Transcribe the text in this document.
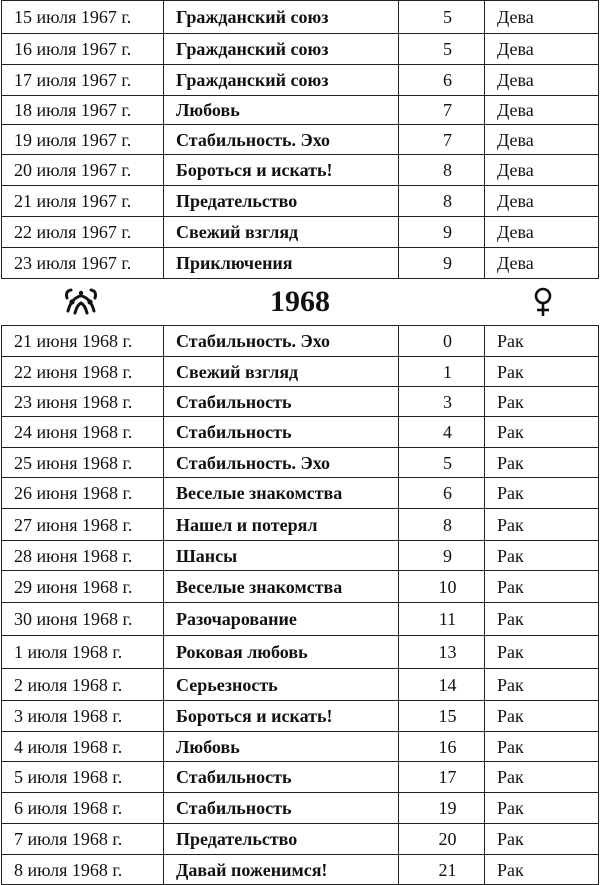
15 июля 1967 г.	Гражданский союз	5	Дева
16 июля 1967 г.	Гражданский союз	5	Дева
17 июля 1967 г.	Гражданский союз	6	Дева
18 июля 1967 г.	Любовь	7	Дева
19 июля 1967 г.	Стабильность. Эхо	7	Дева
20 июля 1967 г.	Бороться и искать!	8	Дева
21 июля 1967 г.	Предательство	8	Дева
22 июля 1967 г.	Свежий взгляд	9	Дева
23 июля 1967 г.	Приключения	9	Дева

1968			

21 июня 1968 г.	Стабильность. Эхо	0	Рак
22 июня 1968 г.	Свежий взгляд	1	Рак
23 июня 1968 г.	Стабильность	3	Рак
24 июня 1968 г.	Стабильность	4	Рак
25 июня 1968 г.	Стабильность. Эхо	5	Рак
26 июня 1968 г.	Веселые знакомства	6	Рак
27 июня 1968 г.	Нашел и потерял	8	Рак
28 июня 1968 г.	Шансы	9	Рак
29 июня 1968 г.	Веселые знакомства	10	Рак
30 июня 1968 г.	Разочарование	11	Рак
1 июля 1968 г.	Роковая любовь	13	Рак
2 июля 1968 г.	Серьезность	14	Рак
3 июля 1968 г.	Бороться и искать!	15	Рак
4 июля 1968 г.	Любовь	16	Рак
5 июля 1968 г.	Стабильность	17	Рак
6 июля 1968 г.	Стабильность	19	Рак
7 июля 1968 г.	Предательство	20	Рак
8 июля 1968 г.	Давай поженимся!	21	Рак
